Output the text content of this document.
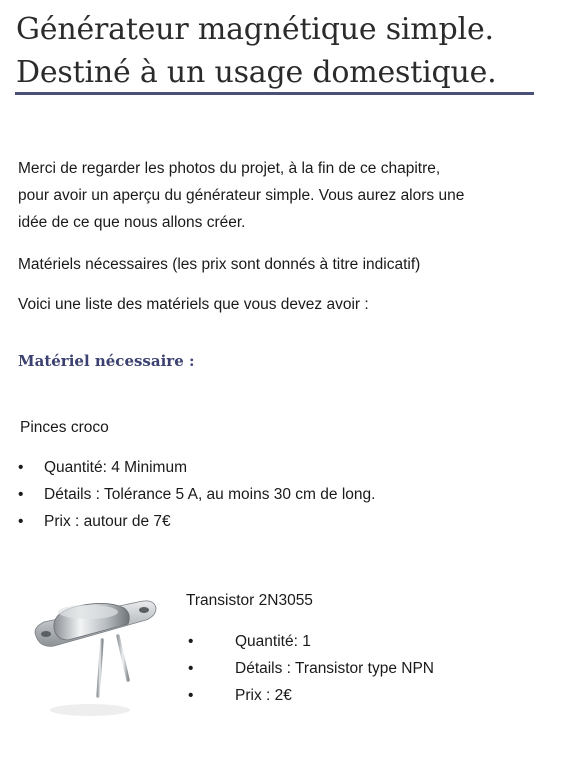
Générateur magnétique simple.
Destiné à un usage domestique.
Merci de regarder les photos du projet, à la fin de ce chapitre,
pour avoir un aperçu du générateur simple. Vous aurez alors une
idée de ce que nous allons créer.

Matériels nécessaires (les prix sont donnés à titre indicatif)

Voici une liste des matériels que vous devez avoir :

Matériel nécessaire :
Pinces croco
• Quantité: 4 Minimum
• Détails : Tolérance 5 A, au moins 30 cm de long.
• Prix : autour de 7€
Transistor 2N3055
•	Quantité: 1
•	Détails : Transistor type NPN
•	Prix : 2€
